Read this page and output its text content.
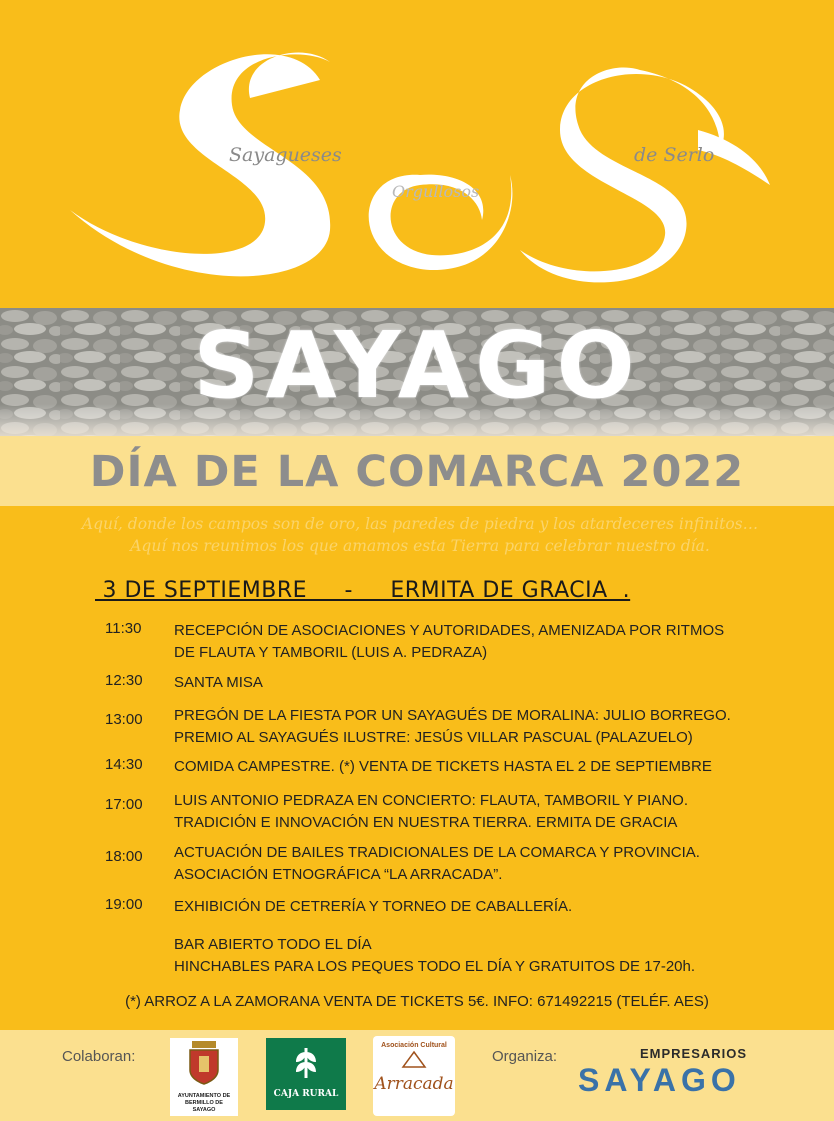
Sayagueses
Orgullosos
de Serlo
SAYAGO
DÍA DE LA COMARCA 2022
Aquí, donde los campos son de oro, las paredes de piedra y los atardeceres infinitos…
Aquí nos reunimos los que amamos esta Tierra para celebrar nuestro día.
3 DE SEPTIEMBRE     -     ERMITA DE GRACIA  .
11:30 RECEPCIÓN DE ASOCIACIONES Y AUTORIDADES, AMENIZADA POR RITMOS
DE FLAUTA Y TAMBORIL (LUIS A. PEDRAZA)
12:30 SANTA MISA
13:00 PREGÓN DE LA FIESTA POR UN SAYAGUÉS DE MORALINA: JULIO BORREGO.
PREMIO AL SAYAGUÉS ILUSTRE: JESÚS VILLAR PASCUAL (PALAZUELO)
14:30 COMIDA CAMPESTRE. (*) VENTA DE TICKETS HASTA EL 2 DE SEPTIEMBRE
17:00 LUIS ANTONIO PEDRAZA EN CONCIERTO: FLAUTA, TAMBORIL Y PIANO.
TRADICIÓN E INNOVACIÓN EN NUESTRA TIERRA. ERMITA DE GRACIA
18:00 ACTUACIÓN DE BAILES TRADICIONALES DE LA COMARCA Y PROVINCIA.
ASOCIACIÓN ETNOGRÁFICA “LA ARRACADA”.
19:00 EXHIBICIÓN DE CETRERÍA Y TORNEO DE CABALLERÍA.
BAR ABIERTO TODO EL DÍA
HINCHABLES PARA LOS PEQUES TODO EL DÍA Y GRATUITOS DE 17-20h.
(*) ARROZ A LA ZAMORANA VENTA DE TICKETS 5€. INFO: 671492215 (TELÉF. AES)
Colaboran:	Organiza:
AYUNTAMIENTO DE
BERMILLO DE
SAYAGO
CAJA RURAL
Asociación Cultural
Arracada
EMPRESARIOS
SAYAGO
